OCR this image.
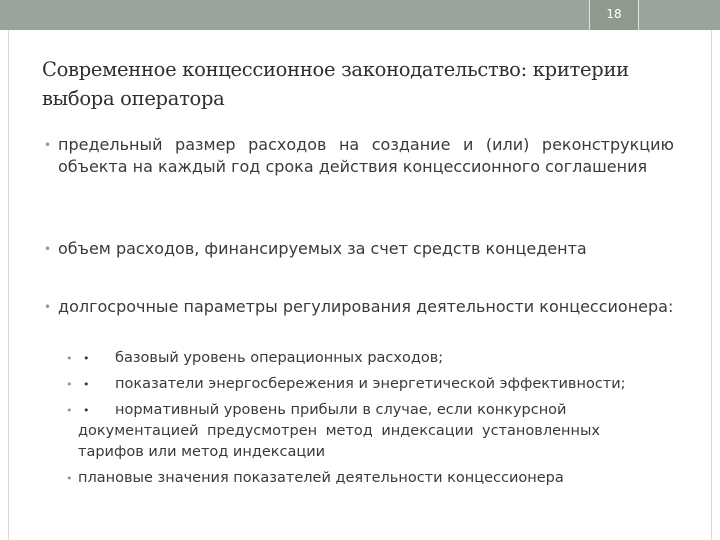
18
Современное концессионное законодательство: критерии выбора оператора
• предельный размер расходов на создание и (или) реконструкцию объекта на каждый год срока действия концессионного соглашения
• объем расходов, финансируемых за счет средств концедента
• долгосрочные параметры регулирования деятельности концессионера:
• • базовый уровень операционных расходов;
• • показатели энергосбережения и энергетической эффективности;
• • нормативный уровень прибыли в случае, если конкурсной
документацией предусмотрен метод индексации установленных
тарифов или метод индексации
• плановые значения показателей деятельности концессионера
